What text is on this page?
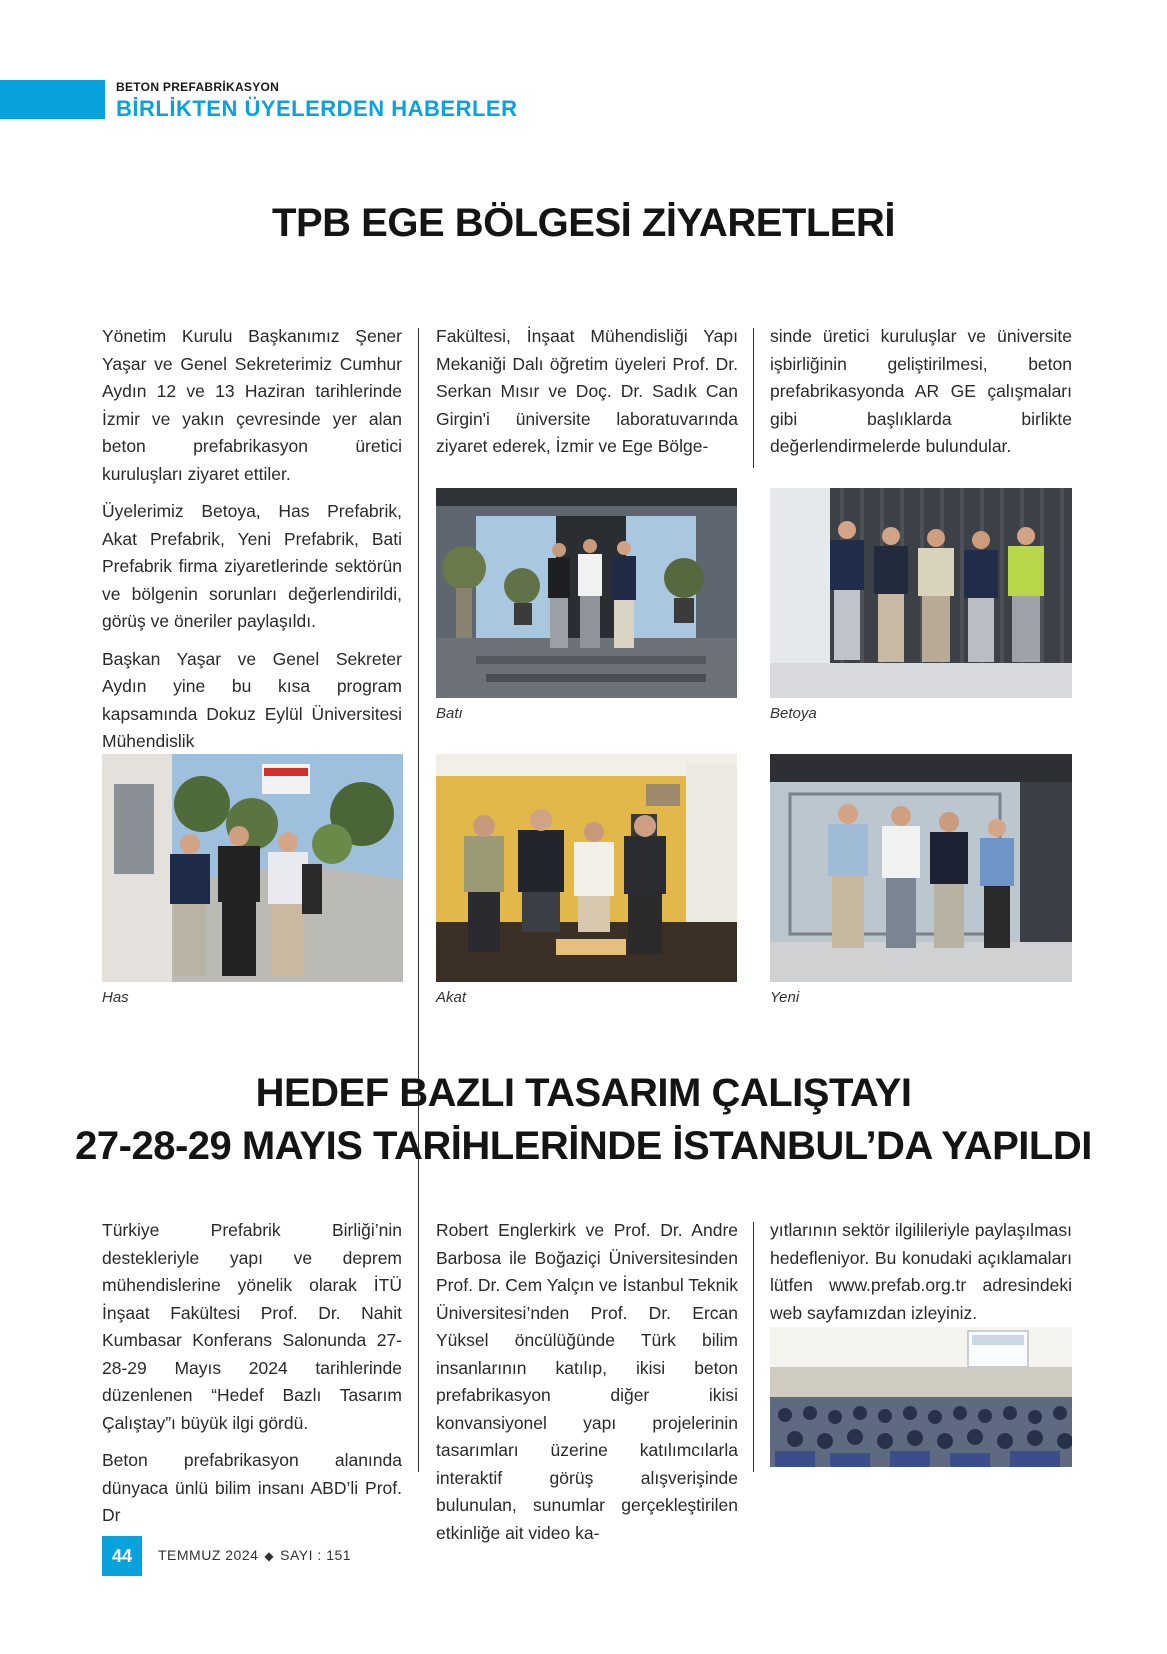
BETON PREFABRİKASYON
BİRLİKTEN ÜYELERDEN HABERLER
TPB EGE BÖLGESİ ZİYARETLERİ

Yönetim Kurulu Başkanımız Şener Yaşar ve Genel Sekreterimiz Cumhur Aydın 12 ve 13 Haziran tarihlerinde İzmir ve yakın çevresinde yer alan beton prefabrikasyon üretici kuruluşları ziyaret ettiler.

Üyelerimiz Betoya, Has Prefabrik, Akat Prefabrik, Yeni Prefabrik, Bati Prefabrik firma ziyaretlerinde sektörün ve bölgenin sorunları değerlendirildi, görüş ve öneriler paylaşıldı.

Başkan Yaşar ve Genel Sekreter Aydın yine bu kısa program kapsamında Dokuz Eylül Üniversitesi Mühendislik

Fakültesi, İnşaat Mühendisliği Yapı Mekaniği Dalı öğretim üyeleri Prof. Dr. Serkan Mısır ve Doç. Dr. Sadık Can Girgin'i üniversite laboratuvarında ziyaret ederek, İzmir ve Ege Bölge-

sinde üretici kuruluşlar ve üniversite işbirliğinin geliştirilmesi, beton prefabrikasyonda AR GE çalışmaları gibi başlıklarda birlikte değerlendirmelerde bulundular.

Batı	Betoya
Has	Akat	Yeni
HEDEF BAZLI TASARIM ÇALIŞTAYI
27-28-29 MAYIS TARİHLERİNDE İSTANBUL’DA YAPILDI

Türkiye Prefabrik Birliği’nin destekleriyle yapı ve deprem mühendislerine yönelik olarak İTÜ İnşaat Fakültesi Prof. Dr. Nahit Kumbasar Konferans Salonunda 27-28-29 Mayıs 2024 tarihlerinde düzenlenen “Hedef Bazlı Tasarım Çalıştay”ı büyük ilgi gördü.

Beton prefabrikasyon alanında dünyaca ünlü bilim insanı ABD’li Prof. Dr

Robert Englerkirk ve Prof. Dr. Andre Barbosa ile Boğaziçi Üniversitesinden Prof. Dr. Cem Yalçın ve İstanbul Teknik Üniversitesi’nden Prof. Dr. Ercan Yüksel öncülüğünde Türk bilim insanlarının katılıp, ikisi beton prefabrikasyon diğer ikisi konvansiyonel yapı projelerinin tasarımları üzerine katılımcılarla interaktif görüş alışverişinde bulunulan, sunumlar gerçekleştirilen etkinliğe ait video ka-

yıtlarının sektör ilgilileriyle paylaşılması hedefleniyor. Bu konudaki açıklamaları lütfen www.prefab.org.tr adresindeki web sayfamızdan izleyiniz.

44	TEMMUZ 2024 ◆ SAYI : 151
